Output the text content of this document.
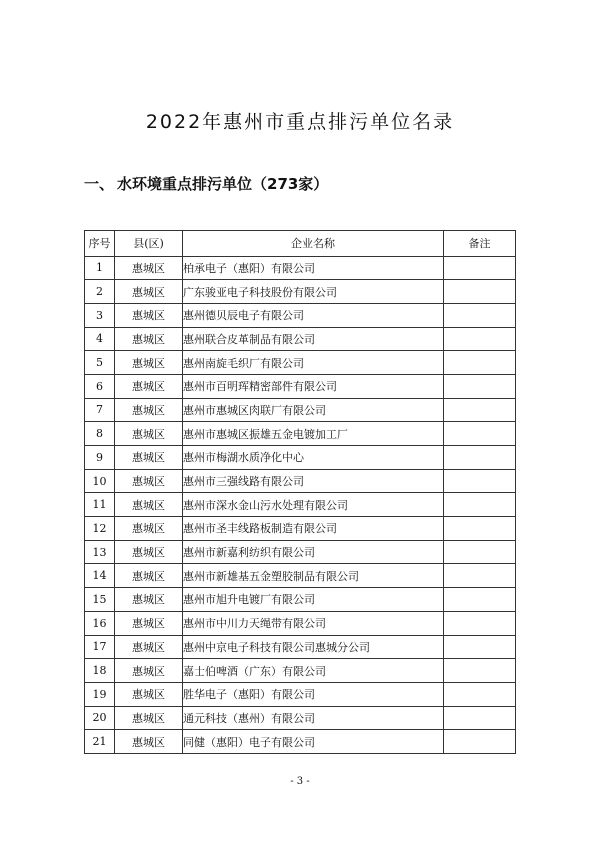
2022年惠州市重点排污单位名录
一、 水环境重点排污单位（273家）
序号	县(区)	企业名称	备注
1	惠城区	柏承电子（惠阳）有限公司	
2	惠城区	广东骏亚电子科技股份有限公司	
3	惠城区	惠州德贝辰电子有限公司	
4	惠城区	惠州联合皮革制品有限公司	
5	惠城区	惠州南旋毛织厂有限公司	
6	惠城区	惠州市百明珲精密部件有限公司	
7	惠城区	惠州市惠城区肉联厂有限公司	
8	惠城区	惠州市惠城区振雄五金电镀加工厂	
9	惠城区	惠州市梅湖水质净化中心	
10	惠城区	惠州市三强线路有限公司	
11	惠城区	惠州市深水金山污水处理有限公司	
12	惠城区	惠州市圣丰线路板制造有限公司	
13	惠城区	惠州市新嘉利纺织有限公司	
14	惠城区	惠州市新雄基五金塑胶制品有限公司	
15	惠城区	惠州市旭升电镀厂有限公司	
16	惠城区	惠州市中川力天绳带有限公司	
17	惠城区	惠州中京电子科技有限公司惠城分公司	
18	惠城区	嘉士伯啤酒（广东）有限公司	
19	惠城区	胜华电子（惠阳）有限公司	
20	惠城区	通元科技（惠州）有限公司	
21	惠城区	同健（惠阳）电子有限公司	
- 3 -
